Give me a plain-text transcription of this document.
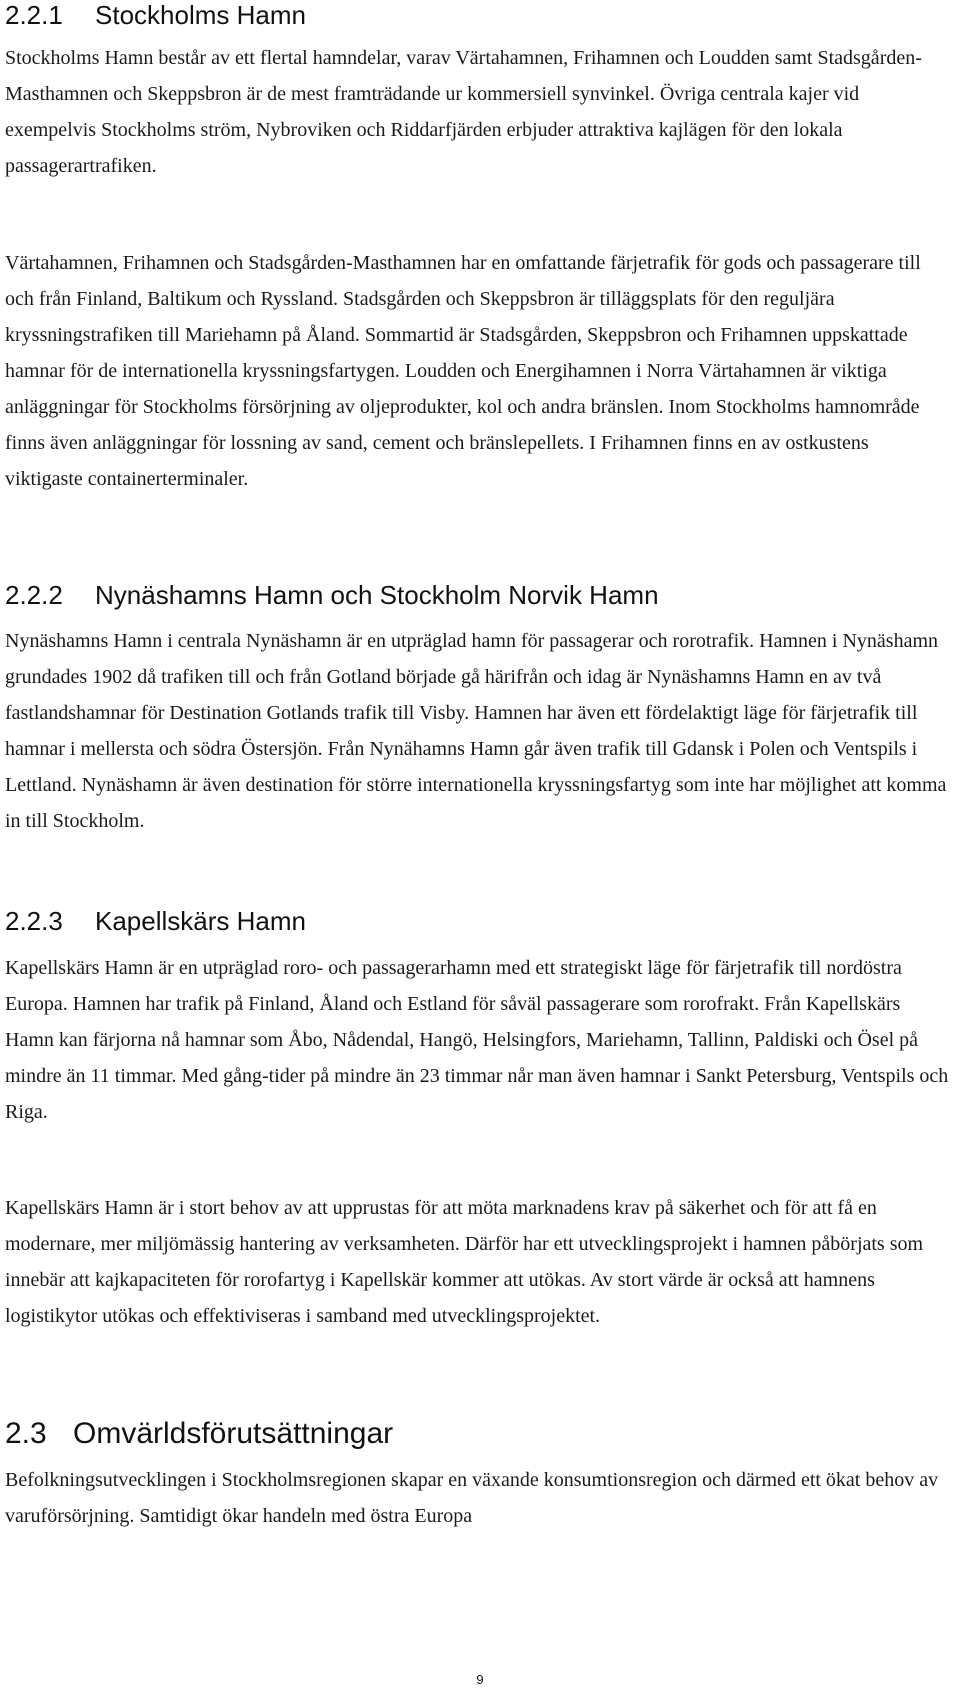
2.2.1	Stockholms Hamn

Stockholms Hamn består av ett flertal hamndelar, varav Värtahamnen, Frihamnen och Loudden samt Stadsgården-Masthamnen och Skeppsbron är de mest framträdande ur kommersiell synvinkel. Övriga centrala kajer vid exempelvis Stockholms ström, Nybroviken och Riddarfjärden erbjuder attraktiva kajlägen för den lokala passagerartrafiken.

Värtahamnen, Frihamnen och Stadsgården-Masthamnen har en omfattande färjetrafik för gods och passagerare till och från Finland, Baltikum och Ryssland. Stadsgården och Skeppsbron är tilläggsplats för den reguljära kryssningstrafiken till Mariehamn på Åland. Sommartid är Stadsgården, Skeppsbron och Frihamnen uppskattade hamnar för de internationella kryssningsfartygen. Loudden och Energihamnen i Norra Värtahamnen är viktiga anläggningar för Stockholms försörjning av oljeprodukter, kol och andra bränslen. Inom Stockholms hamnområde finns även anläggningar för lossning av sand, cement och bränslepellets. I Frihamnen finns en av ostkustens viktigaste containerterminaler.

2.2.2	Nynäshamns Hamn och Stockholm Norvik Hamn

Nynäshamns Hamn i centrala Nynäshamn är en utpräglad hamn för passagerar och rorotrafik. Hamnen i Nynäshamn grundades 1902 då trafiken till och från Gotland började gå härifrån och idag är Nynäshamns Hamn en av två fastlandshamnar för Destination Gotlands trafik till Visby. Hamnen har även ett fördelaktigt läge för färjetrafik till hamnar i mellersta och södra Östersjön. Från Nynähamns Hamn går även trafik till Gdansk i Polen och Ventspils i Lettland. Nynäshamn är även destination för större internationella kryssningsfartyg som inte har möjlighet att komma in till Stockholm.

2.2.3	Kapellskärs Hamn

Kapellskärs Hamn är en utpräglad roro- och passagerarhamn med ett strategiskt läge för färjetrafik till nordöstra Europa. Hamnen har trafik på Finland, Åland och Estland för såväl passagerare som rorofrakt. Från Kapellskärs Hamn kan färjorna nå hamnar som Åbo, Nådendal, Hangö, Helsingfors, Mariehamn, Tallinn, Paldiski och Ösel på mindre än 11 timmar. Med gång-tider på mindre än 23 timmar når man även hamnar i Sankt Petersburg, Ventspils och Riga.

Kapellskärs Hamn är i stort behov av att upprustas för att möta marknadens krav på säkerhet och för att få en modernare, mer miljömässig hantering av verksamheten. Därför har ett utvecklingsprojekt i hamnen påbörjats som innebär att kajkapaciteten för rorofartyg i Kapellskär kommer att utökas. Av stort värde är också att hamnens logistikytor utökas och effektiviseras i samband med utvecklingsprojektet.

2.3 Omvärldsförutsättningar

Befolkningsutvecklingen i Stockholmsregionen skapar en växande konsumtionsregion och därmed ett ökat behov av varuförsörjning. Samtidigt ökar handeln med östra Europa

9
